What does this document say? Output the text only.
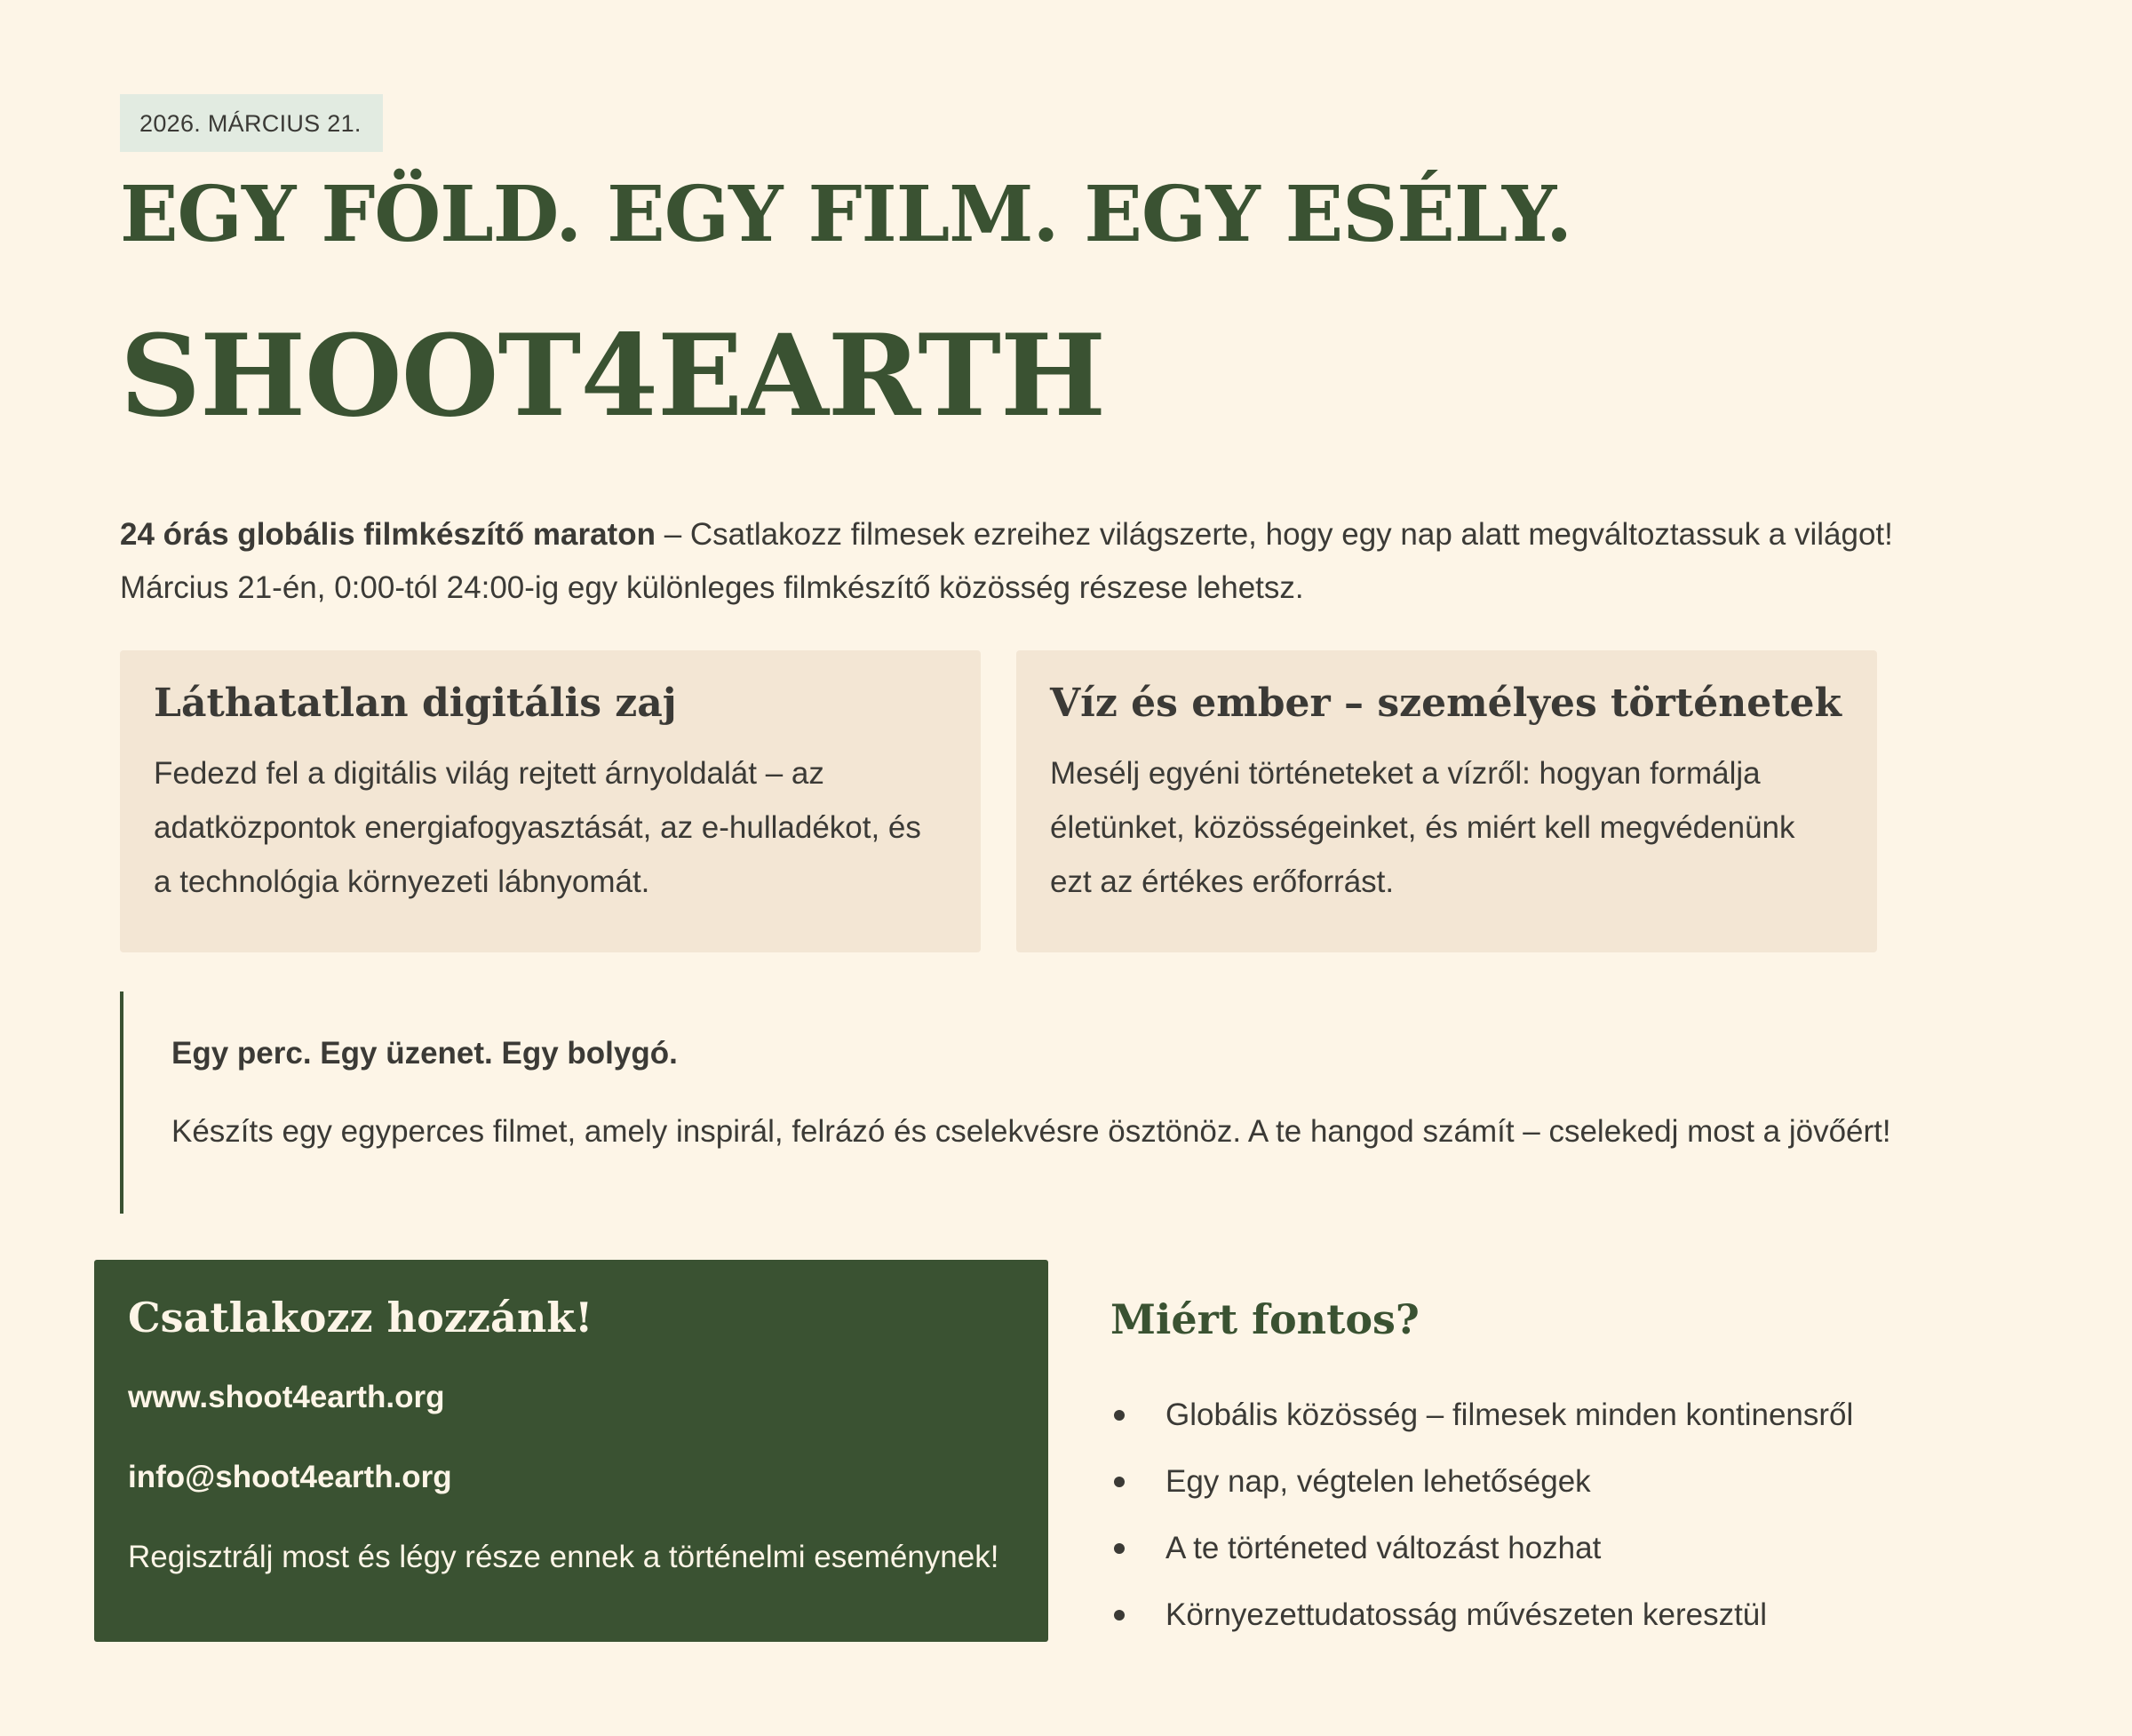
2026. MÁRCIUS 21.
EGY FÖLD. EGY FILM. EGY ESÉLY.
SHOOT4EARTH
24 órás globális filmkészítő maraton – Csatlakozz filmesek ezreihez világszerte, hogy egy nap alatt megváltoztassuk a világot!
Március 21-én, 0:00-tól 24:00-ig egy különleges filmkészítő közösség részese lehetsz.
Láthatatlan digitális zaj
Fedezd fel a digitális világ rejtett árnyoldalát – az adatközpontok energiafogyasztását, az e-hulladékot, és a technológia környezeti lábnyomát.
Víz és ember – személyes történetek
Mesélj egyéni történeteket a vízről: hogyan formálja életünket, közösségeinket, és miért kell megvédenünk ezt az értékes erőforrást.
Egy perc. Egy üzenet. Egy bolygó.
Készíts egy egyperces filmet, amely inspirál, felrázó és cselekvésre ösztönöz. A te hangod számít – cselekedj most a jövőért!
Csatlakozz hozzánk!
www.shoot4earth.org
info@shoot4earth.org
Regisztrálj most és légy része ennek a történelmi eseménynek!
Miért fontos?
Globális közösség – filmesek minden kontinensről
Egy nap, végtelen lehetőségek
A te történeted változást hozhat
Környezettudatosság művészeten keresztül
